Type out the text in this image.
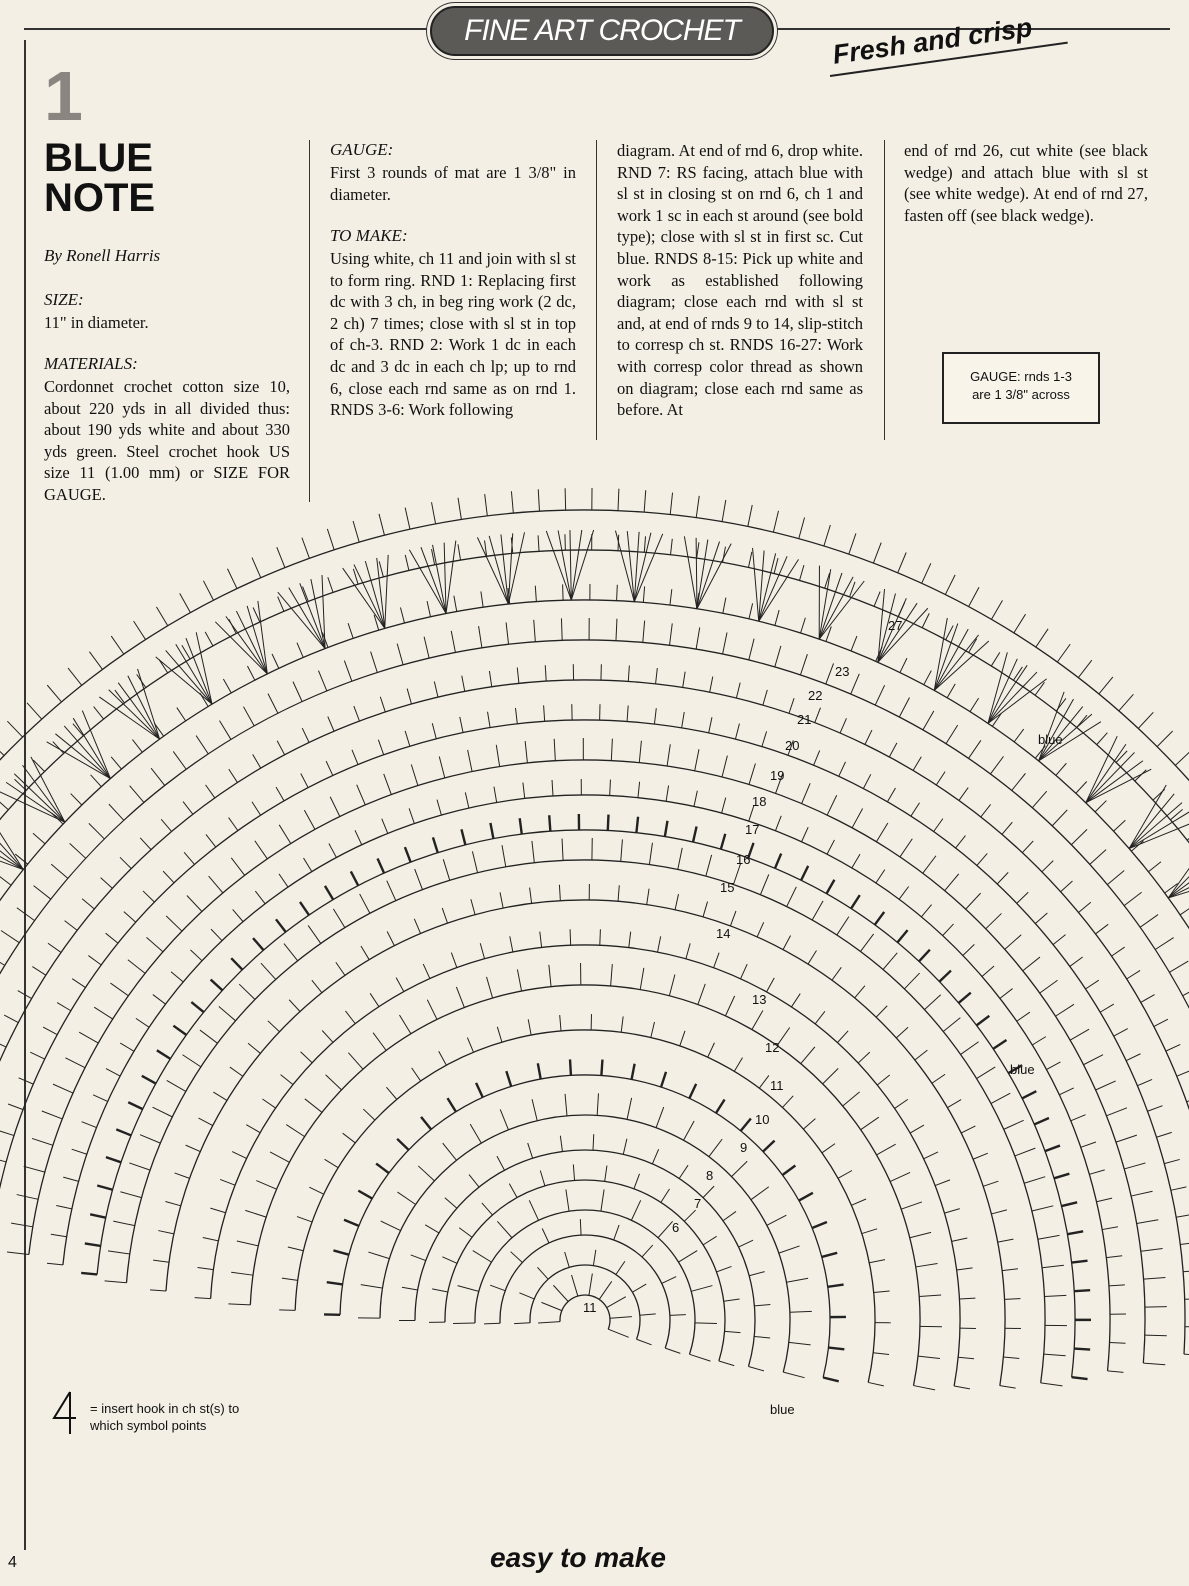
FINE ART CROCHET	Fresh and crisp
1
BLUE
NOTE
By Ronell Harris
SIZE:
11" in diameter.
MATERIALS:
Cordonnet crochet cotton size 10, about 220 yds in all divided thus: about 190 yds white and about 330 yds green. Steel crochet hook US size 11 (1.00 mm) or SIZE FOR GAUGE.
GAUGE:
First 3 rounds of mat are 1 3/8" in diameter.
TO MAKE:
Using white, ch 11 and join with sl st to form ring. RND 1: Replacing first dc with 3 ch, in beg ring work (2 dc, 2 ch) 7 times; close with sl st in top of ch-3. RND 2: Work 1 dc in each dc and 3 dc in each ch lp; up to rnd 6, close each rnd same as on rnd 1. RNDS 3-6: Work following
diagram. At end of rnd 6, drop white. RND 7: RS facing, attach blue with sl st in closing st on rnd 6, ch 1 and work 1 sc in each st around (see bold type); close with sl st in first sc. Cut blue. RNDS 8-15: Pick up white and work as established following diagram; close each rnd with sl st and, at end of rnds 9 to 14, slip-stitch to corresp ch st. RNDS 16-27: Work with corresp color thread as shown on diagram; close each rnd same as before. At
end of rnd 26, cut white (see black wedge) and attach blue with sl st (see white wedge). At end of rnd 27, fasten off (see black wedge).
GAUGE: rnds 1-3
are 1 3/8" across
11
6
7
8
9
10
11
12
13
14
15
16
17
18
19
20
21
22
23
27
blue
blue
blue
= insert hook in ch st(s) to which symbol points
easy to make
4
